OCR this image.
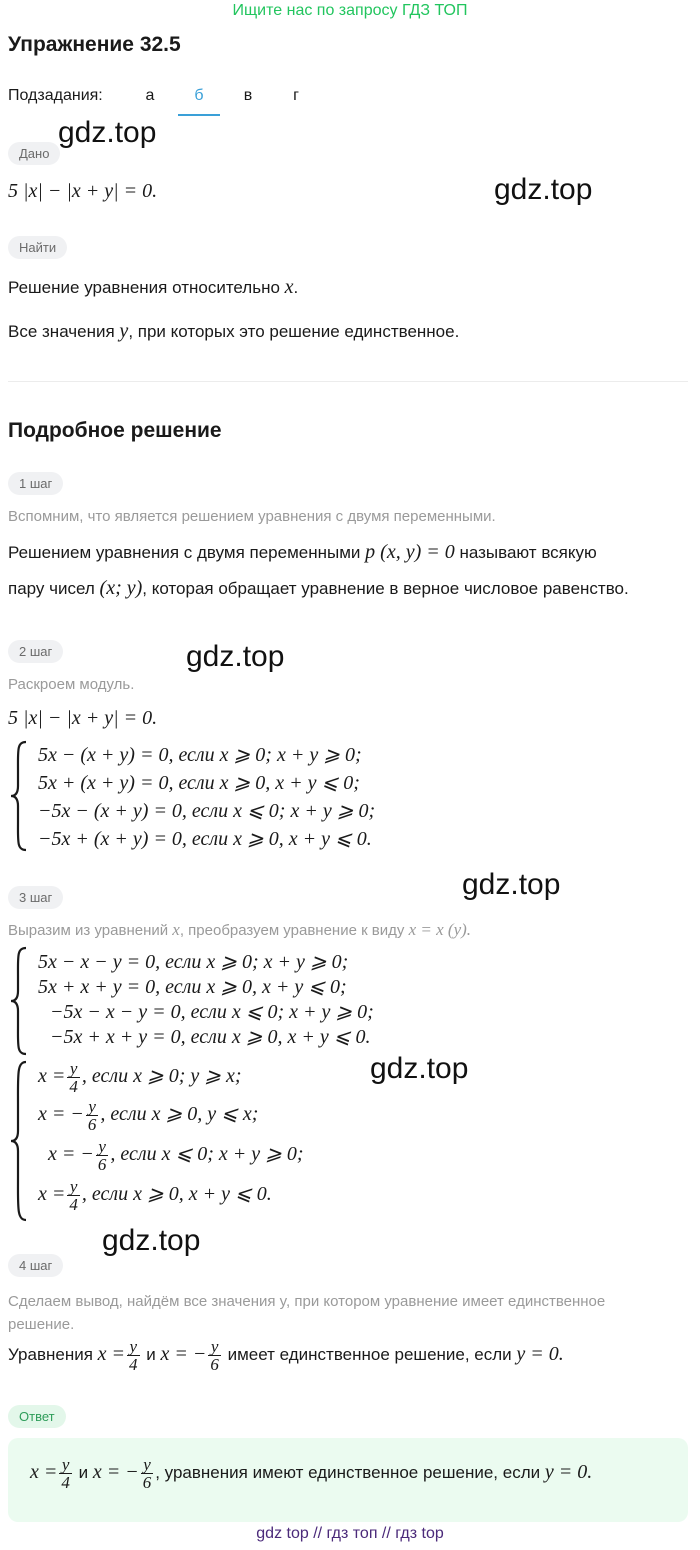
Ищите нас по запросу ГДЗ ТОП
Упражнение 32.5
Подзадания:	а	б	в	г
gdz.top
gdz.top
gdz.top
gdz.top
gdz.top
gdz.top
Дано
5 |x| − |x + y| = 0.
Найти
Решение уравнения относительно x.
Все значения y, при которых это решение единственное.
Подробное решение
1 шаг
Вспомним, что является решением уравнения с двумя переменными.
Решением уравнения с двумя переменными p (x, y) = 0 называют всякую
пару чисел (x; y), которая обращает уравнение в верное числовое равенство.
2 шаг
Раскроем модуль.
5 |x| − |x + y| = 0.
5x − (x + y) = 0, если x ⩾ 0; x + y ⩾ 0;
5x + (x + y) = 0, если x ⩾ 0, x + y ⩽ 0;
−5x − (x + y) = 0, если x ⩽ 0; x + y ⩾ 0;
−5x + (x + y) = 0, если x ⩾ 0, x + y ⩽ 0.
3 шаг
Выразим из уравнений x, преобразуем уравнение к виду x = x (y).
5x − x − y = 0, если x ⩾ 0; x + y ⩾ 0;
5x + x + y = 0, если x ⩾ 0, x + y ⩽ 0;
−5x − x − y = 0, если x ⩽ 0; x + y ⩾ 0;
−5x + x + y = 0, если x ⩾ 0, x + y ⩽ 0.
$x = \frac{y}{4}$ , если x ⩾ 0; y ⩾ x;
x = − $\frac{y}{6}$ , если x ⩾ 0, y ⩽ x;
x = − $\frac{y}{6}$ , если x ⩽ 0; x + y ⩾ 0;
$x = \frac{y}{4}$ , если x ⩾ 0, x + y ⩽ 0.
4 шаг
Сделаем вывод, найдём все значения y, при котором уравнение имеет единственное
решение.
Уравнения $x = \frac{y}{4}$ и x = − $\frac{y}{6}$ имеет единственное решение, если y = 0.
Ответ
$x = \frac{y}{4}$ и x = − $\frac{y}{6}$ , уравнения имеют единственное решение, если y = 0.
gdz top // гдз топ // гдз top
